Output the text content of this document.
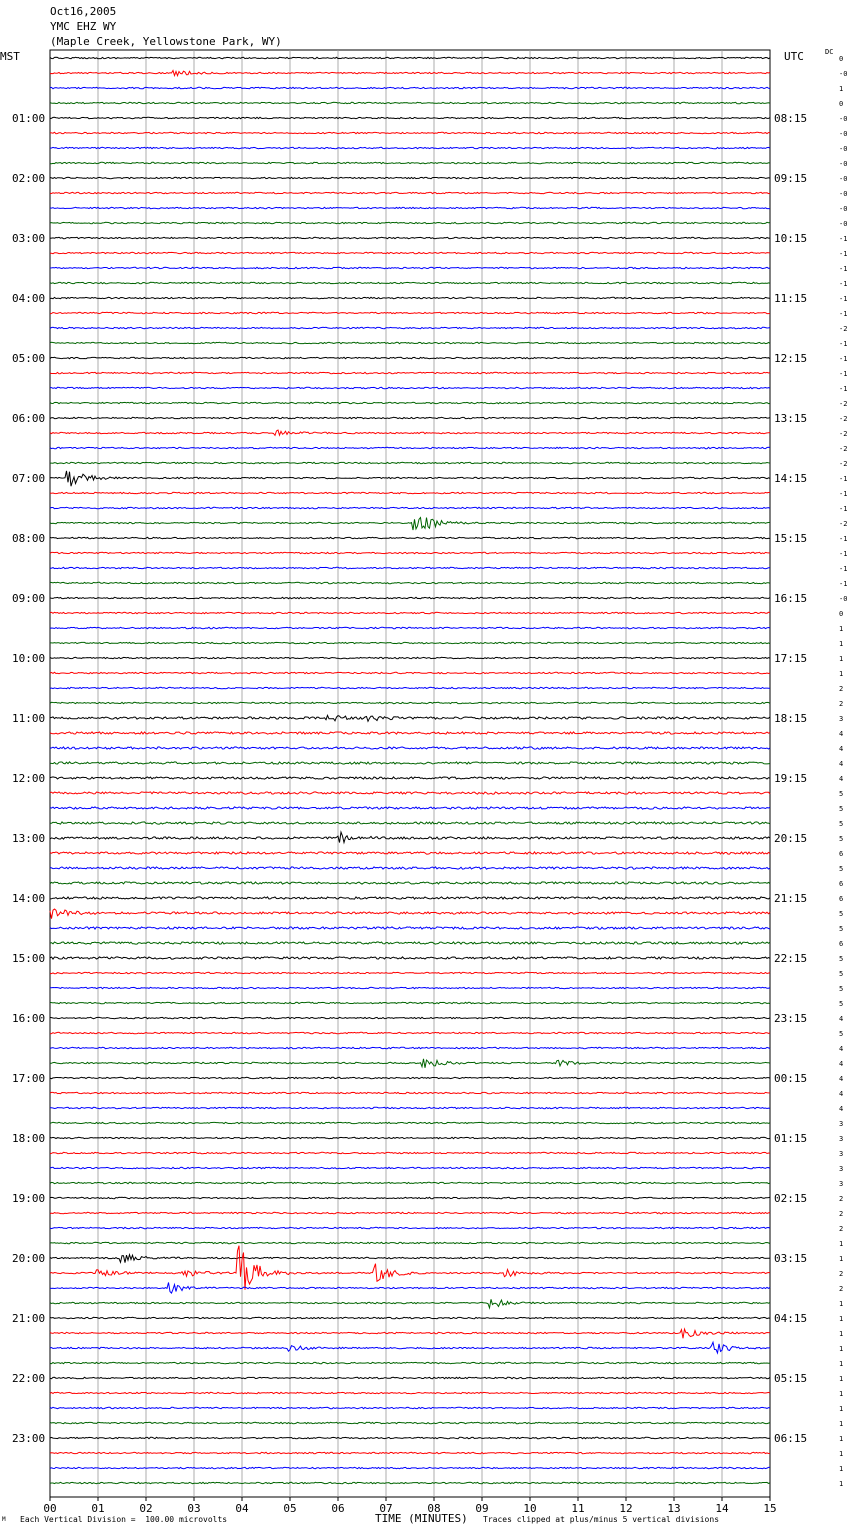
Oct16,2005
YMC EHZ WY
(Maple Creek, Yellowstone Park, WY)
MST	UTC	DC
0
-0
1
0
-0
-0
-0
-0
-0
-0
-0
-0
-1
-1
-1
-1
-1
-1
-2
-1
-1
-1
-1
-2
-2
-2
-2
-2
-1
-1
-1
-2
-1
-1
-1
-1
-0
0
1
1
1
1
2
2
3
4
4
4
4
5
5
5
5
6
5
6
6
5
5
6
5
5
5
5
4
5
4
4
4
4
4
3
3
3
3
3
2
2
2
1
1
2
2
1
1
1
1
1
1
1
1
1
1
1
1
1
01:00	08:15
02:00	09:15
03:00	10:15
04:00	11:15
05:00	12:15
06:00	13:15
07:00	14:15
08:00	15:15
09:00	16:15
10:00	17:15
11:00	18:15
12:00	19:15
13:00	20:15
14:00	21:15
15:00	22:15
16:00	23:15
17:00	00:15
18:00	01:15
19:00	02:15
20:00	03:15
21:00	04:15
22:00	05:15
23:00	06:15
00	01	02	03	04	05	06	07	08	09	10	11	12	13	14	15
M Each Vertical Division =  100.00 microvolts	TIME (MINUTES) Traces clipped at plus/minus 5 vertical divisions
